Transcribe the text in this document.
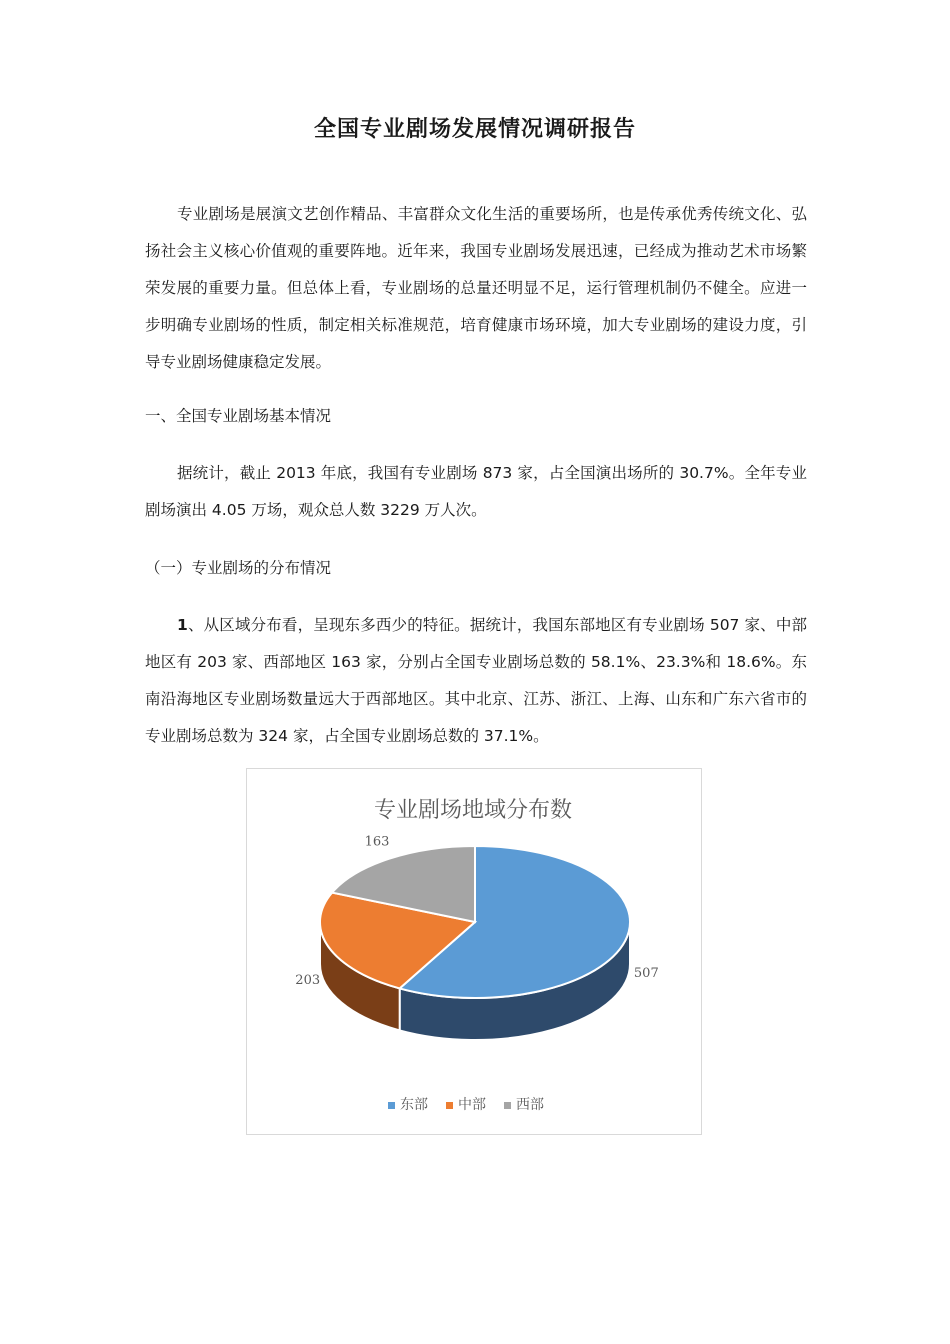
全国专业剧场发展情况调研报告

专业剧场是展演文艺创作精品、丰富群众文化生活的重要场所，也是传承优秀传统文化、弘扬社会主义核心价值观的重要阵地。近年来，我国专业剧场发展迅速，已经成为推动艺术市场繁荣发展的重要力量。但总体上看，专业剧场的总量还明显不足，运行管理机制仍不健全。应进一步明确专业剧场的性质，制定相关标准规范，培育健康市场环境，加大专业剧场的建设力度，引导专业剧场健康稳定发展。

一、全国专业剧场基本情况

据统计，截止 2013 年底，我国有专业剧场 873 家，占全国演出场所的 30.7%。全年专业剧场演出 4.05 万场，观众总人数 3229 万人次。

（一）专业剧场的分布情况

1、从区域分布看，呈现东多西少的特征。据统计，我国东部地区有专业剧场 507 家、中部地区有 203 家、西部地区 163 家，分别占全国专业剧场总数的 58.1%、23.3%和 18.6%。东南沿海地区专业剧场数量远大于西部地区。其中北京、江苏、浙江、上海、山东和广东六省市的专业剧场总数为 324 家，占全国专业剧场总数的 37.1%。

专业剧场地域分布数
507
203
163
东部 中部 西部
